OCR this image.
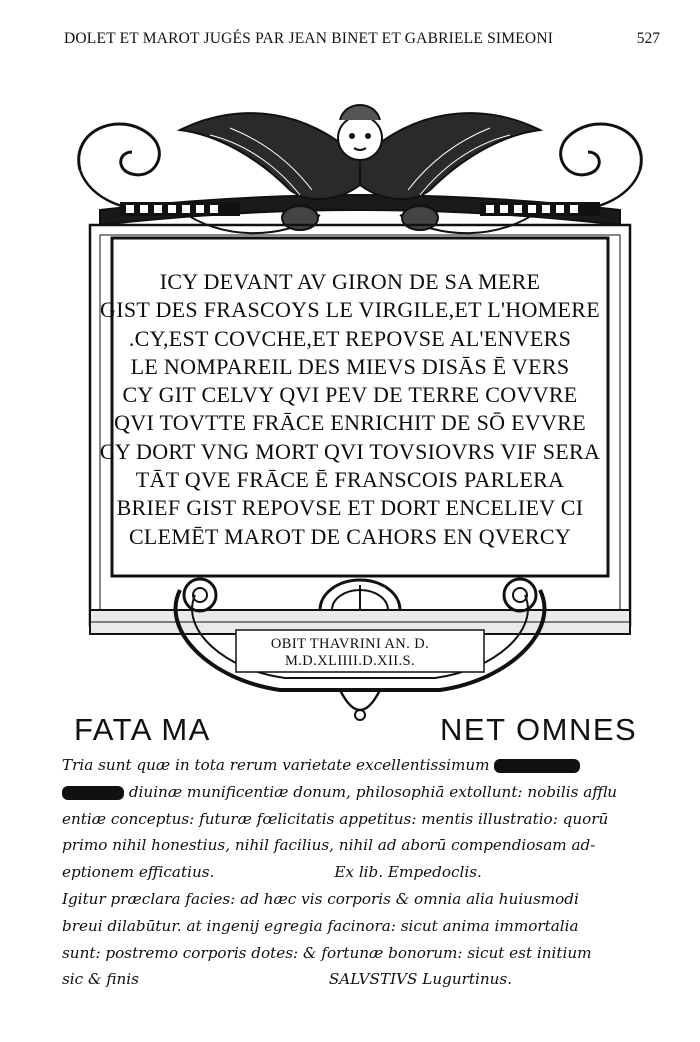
DOLET ET MAROT JUGÉS PAR JEAN BINET ET GABRIELE SIMEONI	527
ICY DEVANT AV GIRON DE SA MERE
GIST DES FRASCOYS LE VIRGILE,ET L'HOMERE
.CY,EST COVCHE,ET REPOVSE AL'ENVERS
LE NOMPAREIL DES MIEVS DISĀS Ē VERS
CY GIT CELVY QVI PEV DE TERRE COVVRE
QVI TOVTTE FRĀCE ENRICHIT DE SŌ EVVRE
CY DORT VNG MORT QVI TOVSIOVRS VIF SERA
TĀT QVE FRĀCE Ē FRANSCOIS PARLERA
BRIEF GIST REPOVSE ET DORT ENCELIEV CI
CLEMĒT MAROT DE CAHORS EN QVERCY
OBIT THAVRINI AN. D.
M.D.XLIIII.D.XII.S.
FATA MA	NET OMNES
Tria sunt quæ in tota rerum varietate excellentissimum
diuinæ munificentiæ donum, philosophiā extollunt: nobilis afflu
entiæ conceptus: futuræ fœlicitatis appetitus: mentis illustratio: quorū
primo nihil honestius, nihil facilius, nihil ad aborū compendiosam ad-
eptionem efficatius.	Ex lib. Empedoclis.
Igitur præclara facies: ad hæc vis corporis & omnia alia huiusmodi
breui dilabūtur. at ingenij egregia facinora: sicut anima immortalia
sunt: postremo corporis dotes: & fortunæ bonorum: sicut est initium
sic & finis	SALVSTIVS Lugurtinus.
